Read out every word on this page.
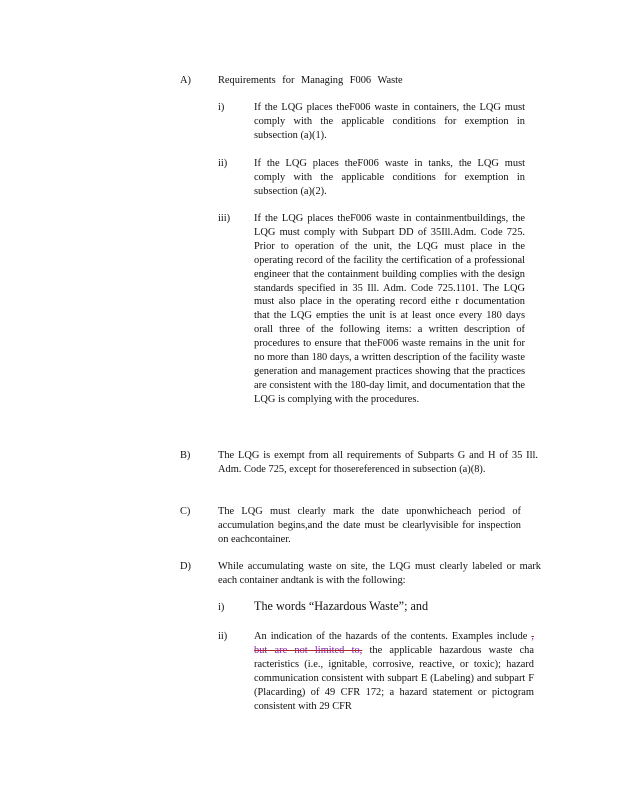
A)	Requirements for Managing F006 Waste
i)	If the LQG places theF006 waste in containers, the LQG must comply with the applicable conditions for exemption in subsection (a)(1).
ii)	If the LQG places theF006 waste in tanks, the LQG must comply with the applicable conditions for exemption in subsection (a)(2).
iii) If the LQG places theF006 waste in containmentbuildings, the LQG must comply with Subpart DD of 35Ill.Adm. Code 725. Prior to operation of the unit, the LQG must place in the operating record of the facility the certification of a professional engineer that the containment building complies with the design standards specified in 35 Ill. Adm. Code 725.1101. The LQG must also place in the operating record eithe r documentation that the LQG empties the unit is at least once every 180 days orall three of the following items: a written description of procedures to ensure that theF006 waste remains in the unit for no more than 180 days, a written description of the facility waste generation and management practices showing that the practices are consistent with the 180-day limit, and documentation that the LQG is complying with the procedures.
B)	The LQG is exempt from all requirements of Subparts G and H of 35 Ill. Adm. Code 725, except for thosereferenced in subsection (a)(8).
C)	The LQG must clearly mark the date uponwhicheach period of accumulation begins,and the date must be clearlyvisible for inspection on eachcontainer.
D)	While accumulating waste on site, the LQG must clearly labeled or mark each container andtank is with the following:
i) The words “Hazardous Waste”; and
ii)	An indication of the hazards of the contents. Examples include , but are not limited to, the applicable hazardous waste cha racteristics (i.e., ignitable, corrosive, reactive, or toxic); hazard communication consistent with subpart E (Labeling) and subpart F (Placarding) of 49 CFR 172; a hazard statement or pictogram consistent with 29 CFR
